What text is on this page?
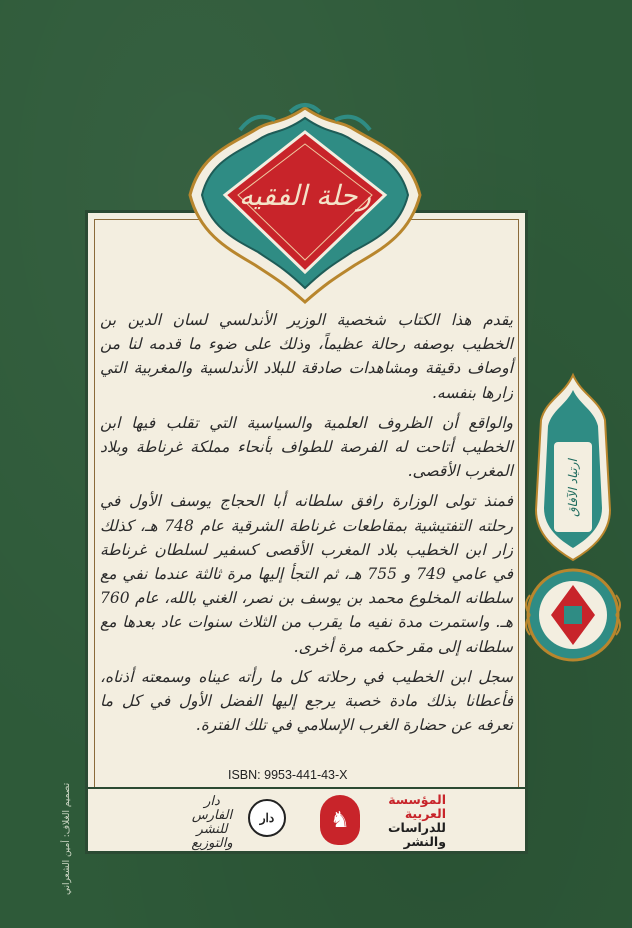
يقدم هذا الكتاب شخصية الوزير الأندلسي لسان الدين بن الخطيب بوصفه رحالة عظيماً، وذلك على ضوء ما قدمه لنا من أوصاف دقيقة ومشاهدات صادقة للبلاد الأندلسية والمغربية التي زارها بنفسه.

والواقع أن الظروف العلمية والسياسية التي تقلب فيها ابن الخطيب أتاحت له الفرصة للطواف بأنحاء مملكة غرناطة وبلاد المغرب الأقصى.

فمنذ تولى الوزارة رافق سلطانه أبا الحجاج يوسف الأول في رحلته التفتيشية بمقاطعات غرناطة الشرقية عام 748 هـ، كذلك زار ابن الخطيب بلاد المغرب الأقصى كسفير لسلطان غرناطة في عامي 749 و 755 هـ، ثم التجأ إليها مرة ثالثة عندما نفي مع سلطانه المخلوع محمد بن يوسف بن نصر، الغني بالله، عام 760 هـ. واستمرت مدة نفيه ما يقرب من الثلاث سنوات عاد بعدها مع سلطانه إلى مقر حكمه مرة أخرى.

سجل ابن الخطيب في رحلاته كل ما رأته عيناه وسمعته أذناه، فأعطانا بذلك مادة خصبة يرجع إليها الفضل الأول في كل ما نعرفه عن حضارة الغرب الإسلامي في تلك الفترة.

ISBN: 9953-441-43-X
دار الفارس للنشر والتوزيع
دار	♞
المؤسسة
العربية
للدراسات
والنشر
رحلة الفقيه
ارتياد الآفاق
تصميم الغلاف: أمين الشعراني
